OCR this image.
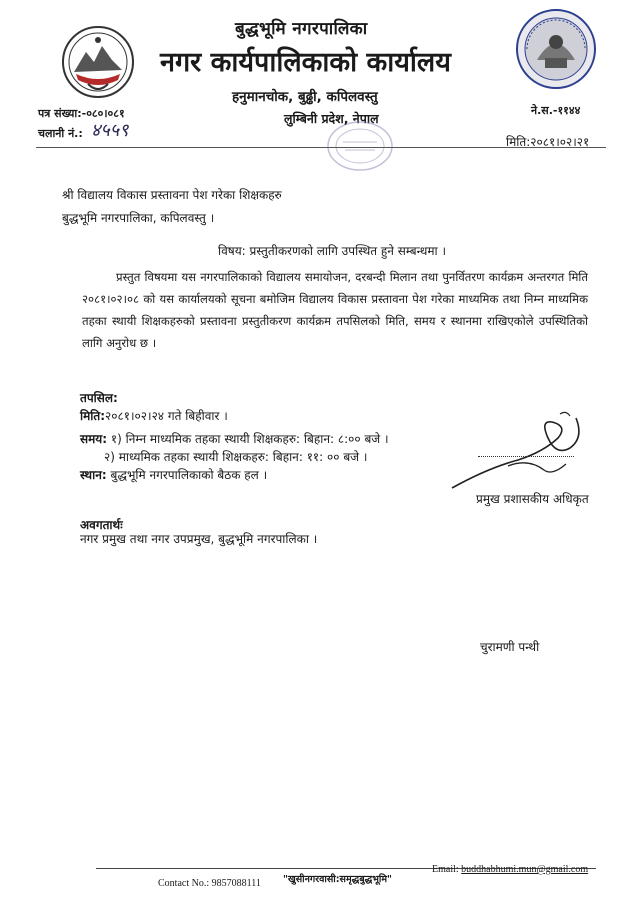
बुद्धभूमि नगरपालिका
नगर कार्यपालिकाको कार्यालय
हनुमानचोक, बुढ्ढी, कपिलवस्तु
लुम्बिनी प्रदेश, नेपाल
पत्र संख्या:-०८०।०८१
चलानी नं.: ४५५९
ने.स.-११४४
मिति:२०८१।०२।२१
श्री विद्यालय विकास प्रस्तावना पेश गरेका शिक्षकहरु
बुद्धभूमि नगरपालिका, कपिलवस्तु ।
विषय: प्रस्तुतीकरणको लागि उपस्थित हुने सम्बन्धमा ।
प्रस्तुत विषयमा यस नगरपालिकाको विद्यालय समायोजन, दरबन्दी मिलान तथा पुनर्वितरण कार्यक्रम अन्तरगत मिति २०८१।०२।०८ को यस कार्यालयको सूचना बमोजिम विद्यालय विकास प्रस्तावना पेश गरेका माध्यमिक तथा निम्न माध्यमिक तहका स्थायी शिक्षकहरुको प्रस्तावना प्रस्तुतीकरण कार्यक्रम तपसिलको मिति, समय र स्थानमा राखिएकोले उपस्थितिको लागि अनुरोध छ ।
तपसिल:
मिति:२०८१।०२।२४ गते बिहीवार ।
समय: १) निम्न माध्यमिक तहका स्थायी शिक्षकहरु: बिहान: ८:०० बजे ।
२) माध्यमिक तहका स्थायी शिक्षकहरु: बिहान: ११: ०० बजे ।
स्थान: बुद्धभूमि नगरपालिकाको बैठक हल ।
प्रमुख प्रशासकीय अधिकृत
अवगतार्थः
नगर प्रमुख तथा नगर उपप्रमुख, बुद्धभूमि नगरपालिका ।
चुरामणी पन्थी
Contact No.: 9857088111 "खुसीनगरवासी:समृद्धबुद्धभूमि"
Email: buddhabhumi.mun@gmail.com
